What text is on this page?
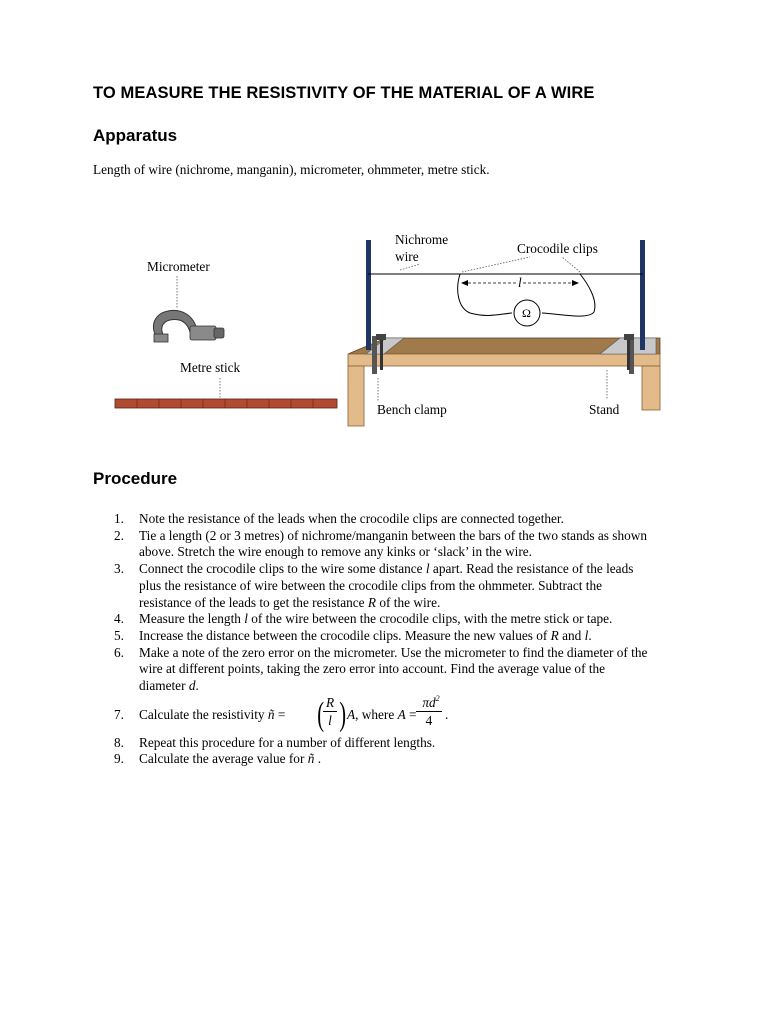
TO MEASURE THE RESISTIVITY OF THE MATERIAL OF A WIRE
Apparatus
Length of wire (nichrome, manganin), micrometer, ohmmeter, metre stick.
Micrometer
Nichrome
wire
Crocodile clips
l
Ω
Metre stick
Bench clamp	Stand
Procedure
1. Note the resistance of the leads when the crocodile clips are connected together.
2. Tie a length (2 or 3 metres) of nichrome/manganin between the bars of the two stands as shown above. Stretch the wire enough to remove any kinks or ‘slack’ in the wire.
3. Connect the crocodile clips to the wire some distance l apart. Read the resistance of the leads plus the resistance of wire between the crocodile clips from the ohmmeter. Subtract the resistance of the leads to get the resistance R of the wire.
4. Measure the length l of the wire between the crocodile clips, with the metre stick or tape.
5. Increase the distance between the crocodile clips. Measure the new values of R and l.
6. Make a note of the zero error on the micrometer. Use the micrometer to find the diameter of the wire at different points, taking the zero error into account. Find the average value of the diameter d.
7. Calculate the resistivity ñ = (
$\frac{R}{l}$ ) A, where $A = \frac{\pi d 2}{4}$ .
8. Repeat this procedure for a number of different lengths.
9. Calculate the average value for ñ .
